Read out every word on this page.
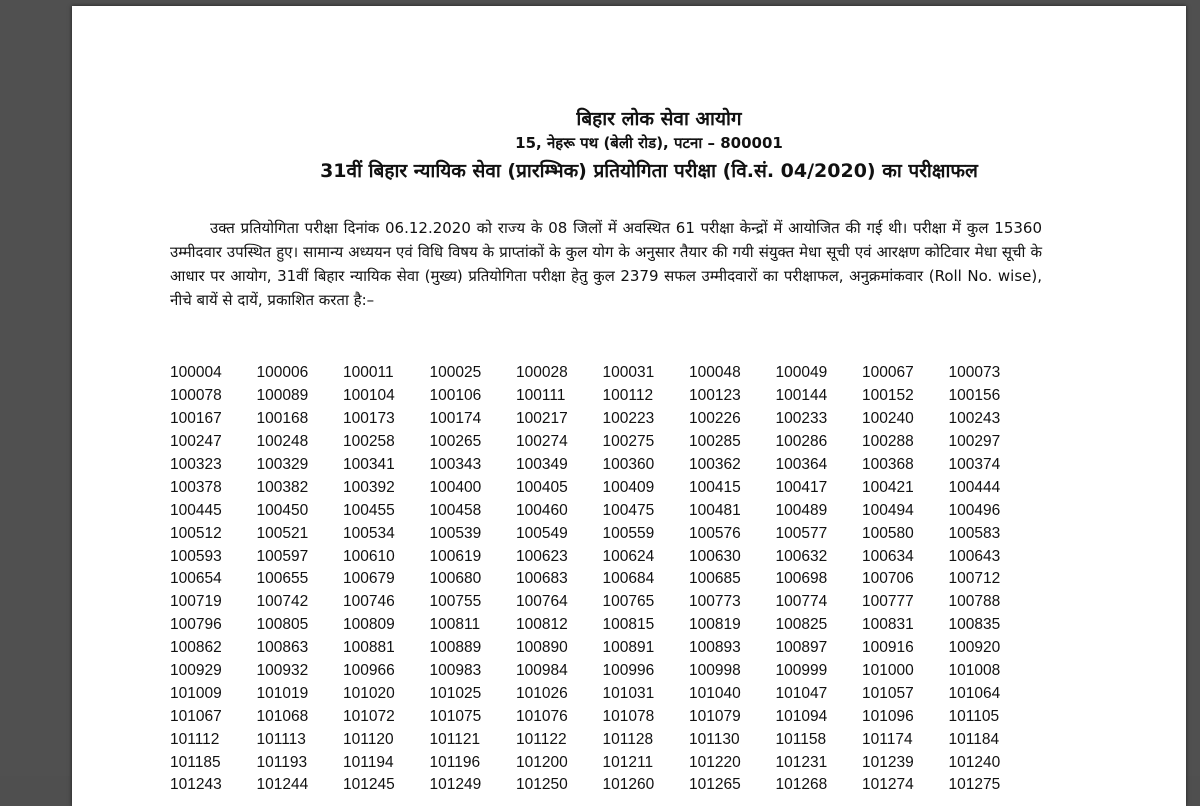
बिहार लोक सेवा आयोग
15, नेहरू पथ (बेली रोड), पटना – 800001
31वीं बिहार न्यायिक सेवा (प्रारम्भिक) प्रतियोगिता परीक्षा (वि.सं. 04/2020) का परीक्षाफल
उक्त प्रतियोगिता परीक्षा दिनांक 06.12.2020 को राज्य के 08 जिलों में अवस्थित 61 परीक्षा केन्द्रों में आयोजित की गई थी। परीक्षा में कुल 15360 उम्मीदवार उपस्थित हुए। सामान्य अध्ययन एवं विधि विषय के प्राप्तांकों के कुल योग के अनुसार तैयार की गयी संयुक्त मेधा सूची एवं आरक्षण कोटिवार मेधा सूची के आधार पर आयोग, 31वीं बिहार न्यायिक सेवा (मुख्य) प्रतियोगिता परीक्षा हेतु कुल 2379 सफल उम्मीदवारों का परीक्षाफल, अनुक्रमांकवार (Roll No. wise), नीचे बायें से दायें, प्रकाशित करता है:–
100004	100006	100011	100025	100028	100031	100048	100049	100067	100073
100078	100089	100104	100106	100111	100112	100123	100144	100152	100156
100167	100168	100173	100174	100217	100223	100226	100233	100240	100243
100247	100248	100258	100265	100274	100275	100285	100286	100288	100297
100323	100329	100341	100343	100349	100360	100362	100364	100368	100374
100378	100382	100392	100400	100405	100409	100415	100417	100421	100444
100445	100450	100455	100458	100460	100475	100481	100489	100494	100496
100512	100521	100534	100539	100549	100559	100576	100577	100580	100583
100593	100597	100610	100619	100623	100624	100630	100632	100634	100643
100654	100655	100679	100680	100683	100684	100685	100698	100706	100712
100719	100742	100746	100755	100764	100765	100773	100774	100777	100788
100796	100805	100809	100811	100812	100815	100819	100825	100831	100835
100862	100863	100881	100889	100890	100891	100893	100897	100916	100920
100929	100932	100966	100983	100984	100996	100998	100999	101000	101008
101009	101019	101020	101025	101026	101031	101040	101047	101057	101064
101067	101068	101072	101075	101076	101078	101079	101094	101096	101105
101112	101113	101120	101121	101122	101128	101130	101158	101174	101184
101185	101193	101194	101196	101200	101211	101220	101231	101239	101240
101243	101244	101245	101249	101250	101260	101265	101268	101274	101275
